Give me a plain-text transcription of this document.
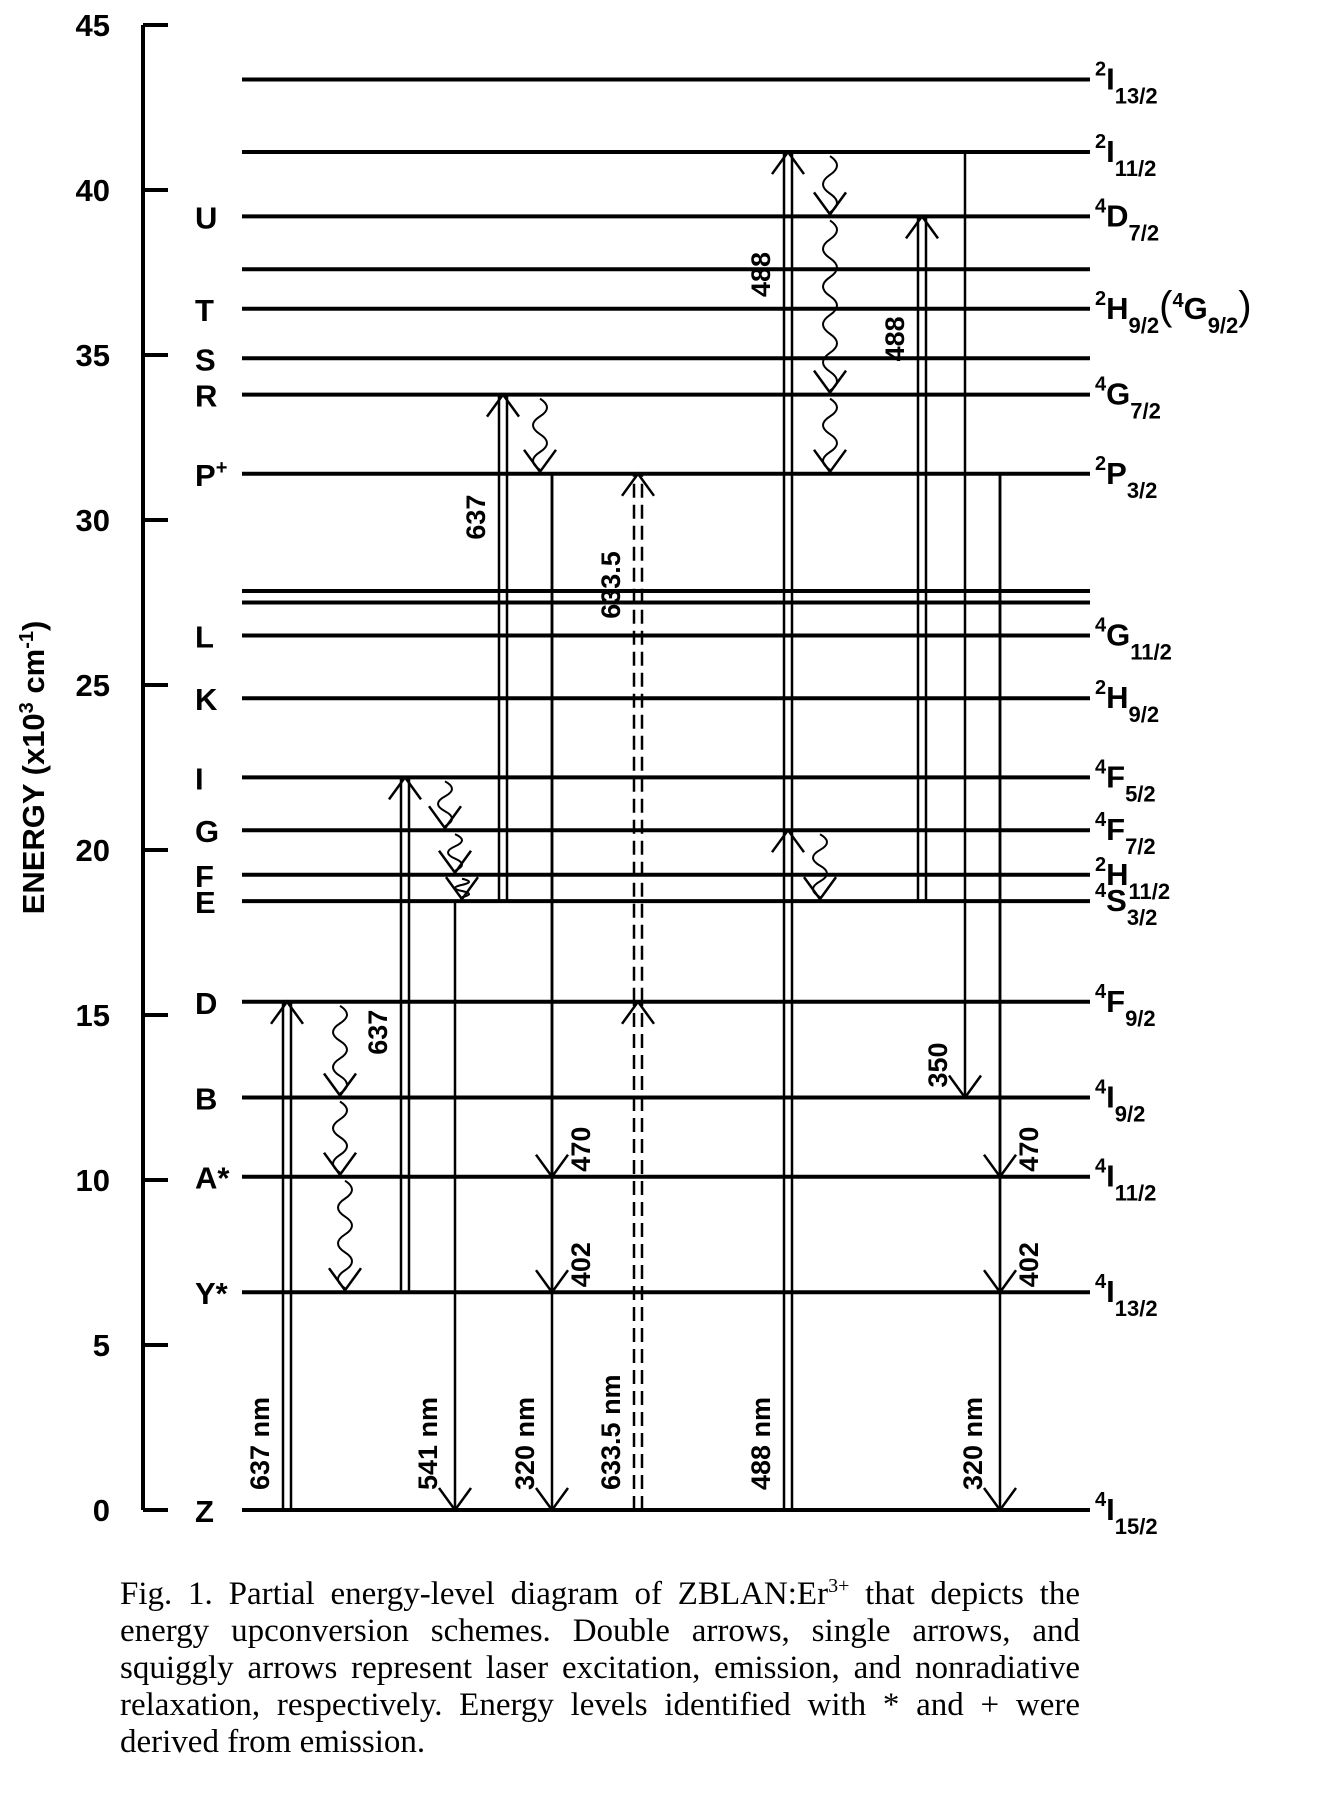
0
5
10
15
20
25
30
35
40
45
ENERGY ($x10^3$ $cm^{-1}$)
637 nm
637
637
633.5 nm
633.5
488 nm
488
488
541 nm 320 nm
470
402
350
470
402
320 nm
Z	$^4I_{15/2}$
Y*	$^4I_{13/2}$
A*	$^4I_{11/2}$
B	$^4I_{9/2}$
D	$^4F_{9/2}$
E	$^4S_{3/2}$
F	$^2H_{11/2}$
G	$^4F_{7/2}$
I	$^4F_{5/2}$
K	$^2H_{9/2}$
L	$^4G_{11/2}$
P+	$^2P_{3/2}$
R	$^4G_{7/2}$
S
T	$^2H_{9/2}(^4G_{9/2})$
U	$^4D_{7/2}$
$^2I_{11/2}$
$^2I_{13/2}$
Fig. 1. Partial energy-level diagram of $ZBLAN:Er^{3+}$ that depicts the energy upconversion schemes. Double arrows, single arrows, and squiggly arrows represent laser excitation, emission, and nonradiative relaxation, respectively. Energy levels identified with * and + were derived from emission.
